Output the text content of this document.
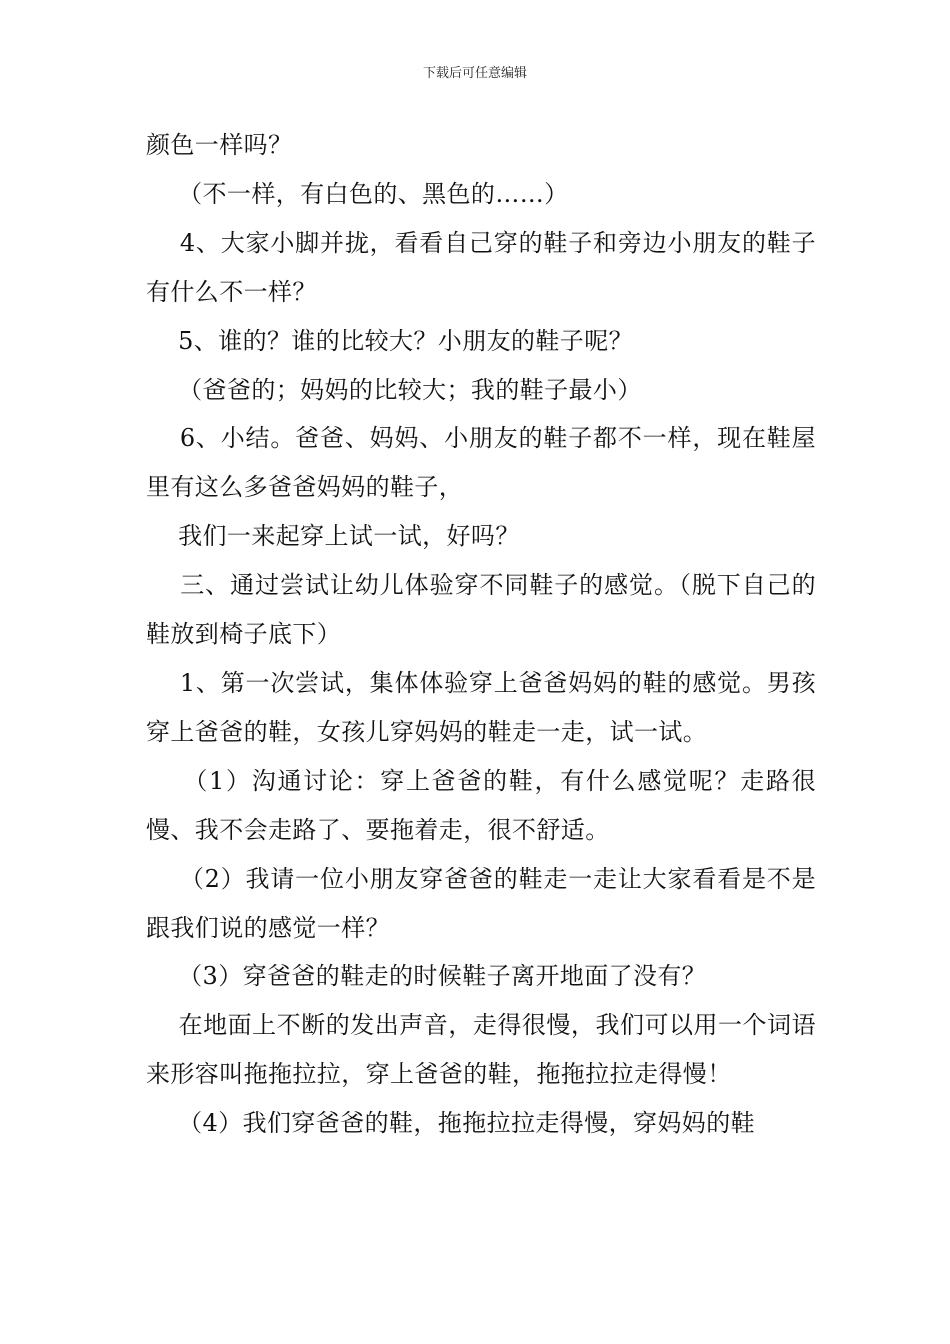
下载后可任意编辑

颜色一样吗？

（不一样，有白色的、黑色的……）

4、大家小脚并拢，看看自己穿的鞋子和旁边小朋友的鞋子有什么不一样？

5、谁的？谁的比较大？小朋友的鞋子呢？

（爸爸的；妈妈的比较大；我的鞋子最小）

6、小结。爸爸、妈妈、小朋友的鞋子都不一样，现在鞋屋里有这么多爸爸妈妈的鞋子，

我们一来起穿上试一试，好吗？

三、通过尝试让幼儿体验穿不同鞋子的感觉。（脱下自己的鞋放到椅子底下）

1、第一次尝试，集体体验穿上爸爸妈妈的鞋的感觉。男孩穿上爸爸的鞋，女孩儿穿妈妈的鞋走一走，试一试。

（1）沟通讨论：穿上爸爸的鞋，有什么感觉呢？走路很慢、我不会走路了、要拖着走，很不舒适。

（2）我请一位小朋友穿爸爸的鞋走一走让大家看看是不是跟我们说的感觉一样？

（3）穿爸爸的鞋走的时候鞋子离开地面了没有？

在地面上不断的发出声音，走得很慢，我们可以用一个词语来形容叫拖拖拉拉，穿上爸爸的鞋，拖拖拉拉走得慢！

（4）我们穿爸爸的鞋，拖拖拉拉走得慢，穿妈妈的鞋
